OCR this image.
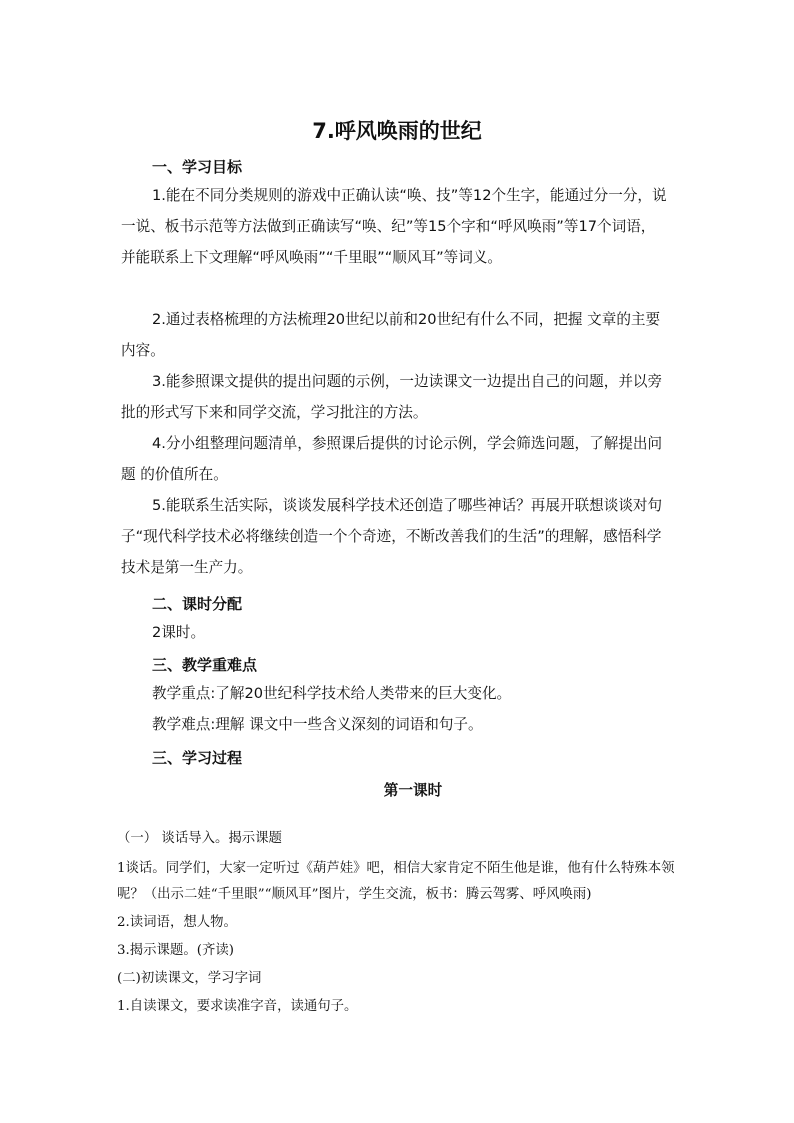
7.呼风唤雨的世纪
一、学习目标

1.能在不同分类规则的游戏中正确认读“唤、技”等12个生字，能通过分一分，说一说、板书示范等方法做到正确读写“唤、纪”等15个字和“呼风唤雨”等17个词语，并能联系上下文理解“呼风唤雨”“千里眼”“顺风耳”等词义。

2.通过表格梳理的方法梳理20世纪以前和20世纪有什么不同，把握 文章的主要内容。

3.能参照课文提供的提出问题的示例，一边读课文一边提出自己的问题，并以旁批的形式写下来和同学交流，学习批注的方法。

4.分小组整理问题清单，参照课后提供的讨论示例，学会筛选问题，了解提出问题 的价值所在。

5.能联系生活实际，谈谈发展科学技术还创造了哪些神话？再展开联想谈谈对句子“现代科学技术必将继续创造一个个奇迹，不断改善我们的生活”的理解，感悟科学技术是第一生产力。

二、课时分配

2课时。

三、教学重难点

教学重点:了解20世纪科学技术给人类带来的巨大变化。

教学难点:理解 课文中一些含义深刻的词语和句子。

三、学习过程
第一课时

（一） 谈话导入。揭示课题

1谈话。同学们，大家一定听过《葫芦娃》吧，相信大家肯定不陌生他是谁，他有什么特殊本领呢？（出示二娃“千里眼”“顺风耳”图片，学生交流，板书：腾云驾雾、呼风唤雨)

2.读词语，想人物。

3.揭示课题。(齐读)

(二)初读课文，学习字词

1.自读课文，要求读准字音，读通句子。
